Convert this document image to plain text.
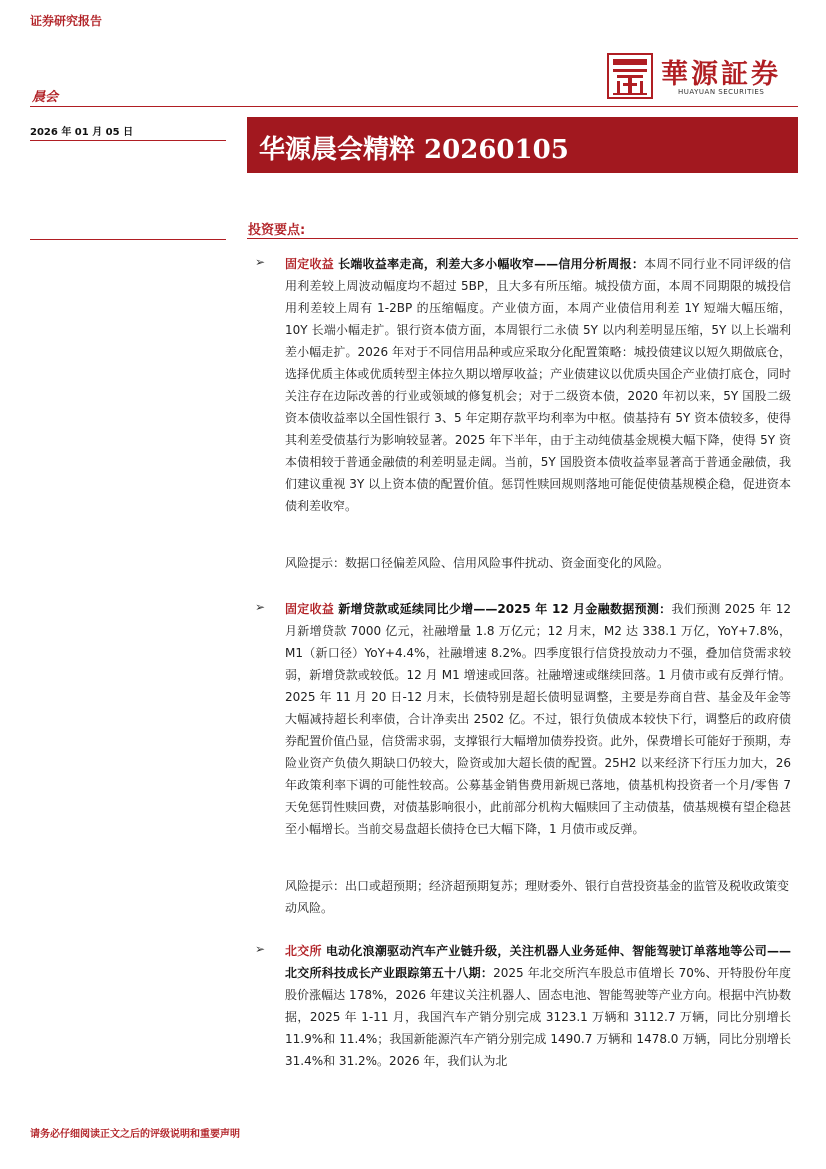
证券研究报告
晨会
華源証券
HUAYUAN SECURITIES
2026 年 01 月 05 日
华源晨会精粹 20260105
投资要点:
➢ 固定收益 长端收益率走高，利差大多小幅收窄——信用分析周报：本周不同行业不同评级的信用利差较上周波动幅度均不超过 5BP，且大多有所压缩。城投债方面，本周不同期限的城投信用利差较上周有 1-2BP 的压缩幅度。产业债方面，本周产业债信用利差 1Y 短端大幅压缩，10Y 长端小幅走扩。银行资本债方面，本周银行二永债 5Y 以内利差明显压缩，5Y 以上长端利差小幅走扩。2026 年对于不同信用品种或应采取分化配置策略：城投债建议以短久期做底仓，选择优质主体或优质转型主体拉久期以增厚收益；产业债建议以优质央国企产业债打底仓，同时关注存在边际改善的行业或领域的修复机会；对于二级资本债，2020 年初以来，5Y 国股二级资本债收益率以全国性银行 3、5 年定期存款平均利率为中枢。债基持有 5Y 资本债较多，使得其利差受债基行为影响较显著。2025 年下半年，由于主动纯债基金规模大幅下降，使得 5Y 资本债相较于普通金融债的利差明显走阔。当前，5Y 国股资本债收益率显著高于普通金融债，我们建议重视 3Y 以上资本债的配置价值。惩罚性赎回规则落地可能促使债基规模企稳，促进资本债利差收窄。
风险提示：数据口径偏差风险、信用风险事件扰动、资金面变化的风险。
➢ 固定收益 新增贷款或延续同比少增——2025 年 12 月金融数据预测：我们预测 2025 年 12 月新增贷款 7000 亿元，社融增量 1.8 万亿元；12 月末，M2 达 338.1 万亿，YoY+7.8%，M1（新口径）YoY+4.4%，社融增速 8.2%。四季度银行信贷投放动力不强，叠加信贷需求较弱，新增贷款或较低。12 月 M1 增速或回落。社融增速或继续回落。1 月债市或有反弹行情。2025 年 11 月 20 日-12 月末，长债特别是超长债明显调整，主要是券商自营、基金及年金等大幅减持超长利率债，合计净卖出 2502 亿。不过，银行负债成本较快下行，调整后的政府债券配置价值凸显，信贷需求弱，支撑银行大幅增加债券投资。此外，保费增长可能好于预期，寿险业资产负债久期缺口仍较大，险资或加大超长债的配置。25H2 以来经济下行压力加大，26 年政策利率下调的可能性较高。公募基金销售费用新规已落地，债基机构投资者一个月/零售 7 天免惩罚性赎回费，对债基影响很小，此前部分机构大幅赎回了主动债基，债基规模有望企稳甚至小幅增长。当前交易盘超长债持仓已大幅下降，1 月债市或反弹。
风险提示：出口或超预期；经济超预期复苏；理财委外、银行自营投资基金的监管及税收政策变动风险。
➢ 北交所 电动化浪潮驱动汽车产业链升级，关注机器人业务延伸、智能驾驶订单落地等公司——北交所科技成长产业跟踪第五十八期：2025 年北交所汽车股总市值增长 70%、开特股份年度股价涨幅达 178%，2026 年建议关注机器人、固态电池、智能驾驶等产业方向。根据中汽协数据，2025 年 1-11 月，我国汽车产销分别完成 3123.1 万辆和 3112.7 万辆，同比分别增长 11.9%和 11.4%；我国新能源汽车产销分别完成 1490.7 万辆和 1478.0 万辆，同比分别增长 31.4%和 31.2%。2026 年，我们认为北
请务必仔细阅读正文之后的评级说明和重要声明
